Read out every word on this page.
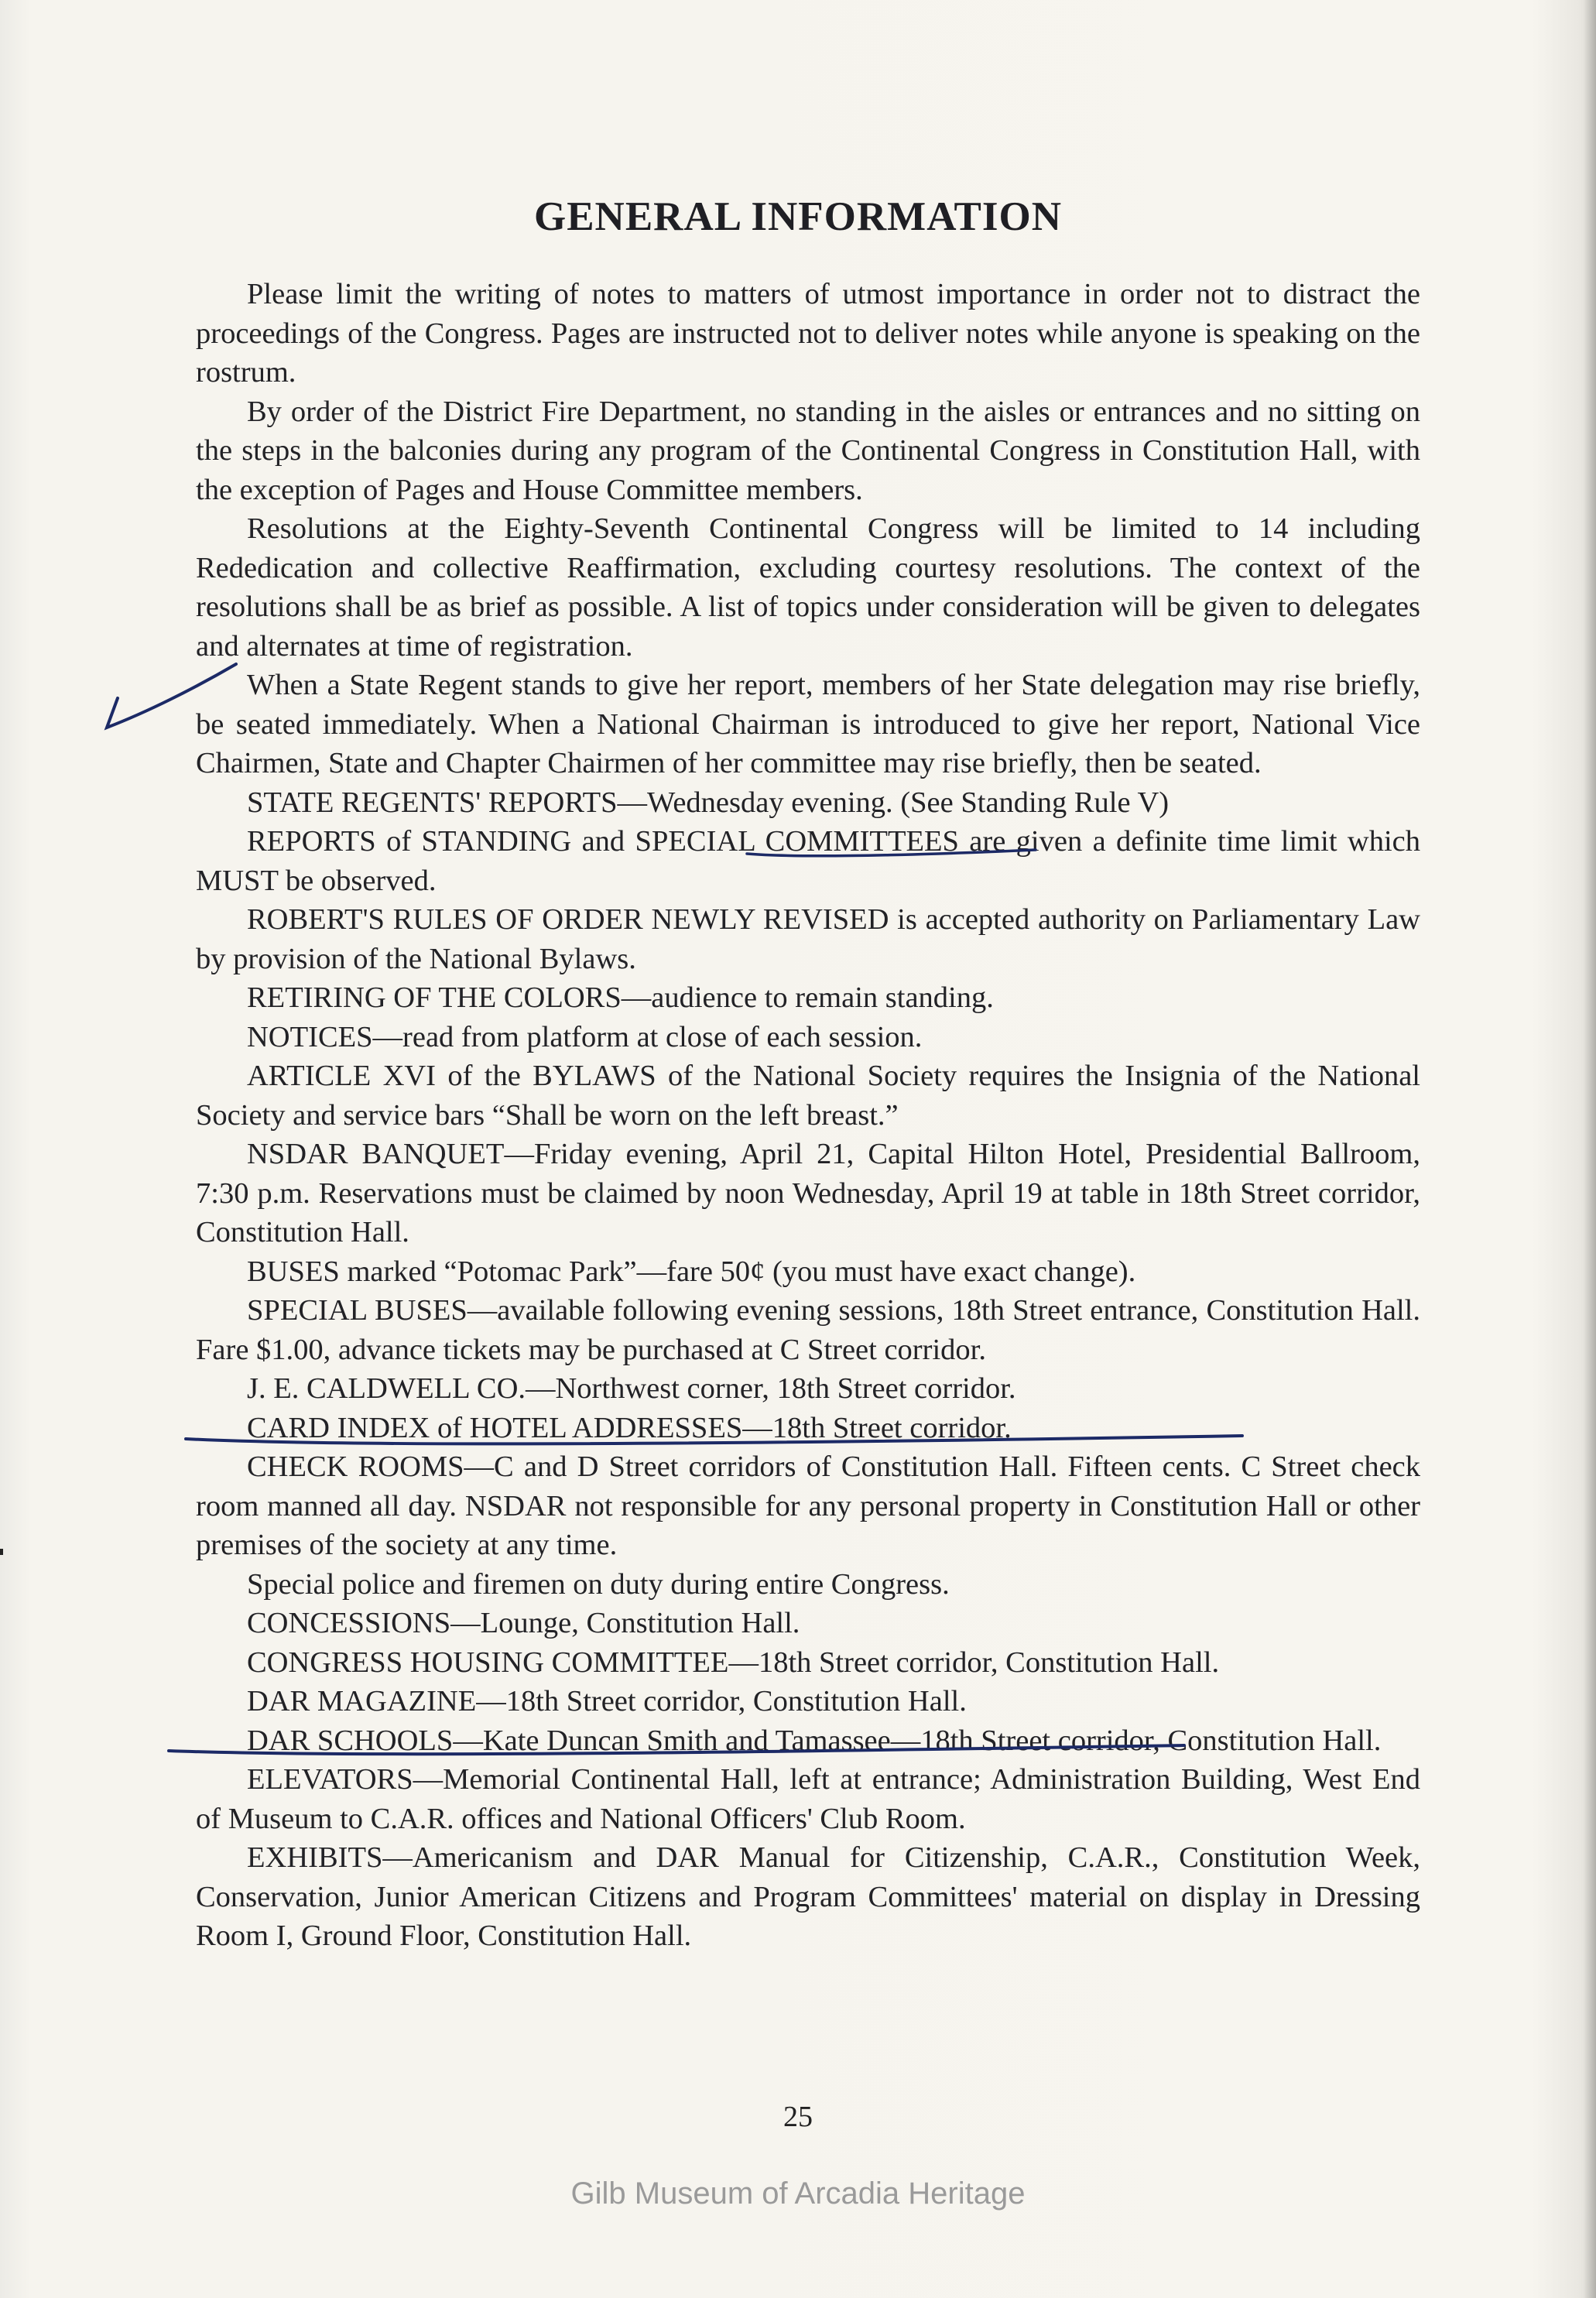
GENERAL INFORMATION

Please limit the writing of notes to matters of utmost importance in order not to distract the proceedings of the Congress. Pages are instructed not to deliver notes while anyone is speaking on the rostrum.

By order of the District Fire Department, no standing in the aisles or entrances and no sitting on the steps in the balconies during any program of the Continental Congress in Constitution Hall, with the exception of Pages and House Committee members.

Resolutions at the Eighty-Seventh Continental Congress will be limited to 14 including Rededication and collective Reaffirmation, excluding courtesy resolutions. The context of the resolutions shall be as brief as possible. A list of topics under consideration will be given to delegates and alternates at time of registration.

When a State Regent stands to give her report, members of her State delegation may rise briefly, be seated immediately. When a National Chairman is introduced to give her report, National Vice Chairmen, State and Chapter Chairmen of her committee may rise briefly, then be seated.

STATE REGENTS' REPORTS—Wednesday evening. (See Standing Rule V)

REPORTS of STANDING and SPECIAL COMMITTEES are given a definite time limit which MUST be observed.

ROBERT'S RULES OF ORDER NEWLY REVISED is accepted authority on Parliamentary Law by provision of the National Bylaws.

RETIRING OF THE COLORS—audience to remain standing.

NOTICES—read from platform at close of each session.

ARTICLE XVI of the BYLAWS of the National Society requires the Insignia of the National Society and service bars “Shall be worn on the left breast.”

NSDAR BANQUET—Friday evening, April 21, Capital Hilton Hotel, Presidential Ballroom, 7:30 p.m. Reservations must be claimed by noon Wednesday, April 19 at table in 18th Street corridor, Constitution Hall.

BUSES marked “Potomac Park”—fare 50¢ (you must have exact change).

SPECIAL BUSES—available following evening sessions, 18th Street entrance, Constitution Hall. Fare $1.00, advance tickets may be purchased at C Street corridor.

J. E. CALDWELL CO.—Northwest corner, 18th Street corridor.

CARD INDEX of HOTEL ADDRESSES—18th Street corridor.

CHECK ROOMS—C and D Street corridors of Constitution Hall. Fifteen cents. C Street check room manned all day. NSDAR not responsible for any personal property in Constitution Hall or other premises of the society at any time.

Special police and firemen on duty during entire Congress.

CONCESSIONS—Lounge, Constitution Hall.

CONGRESS HOUSING COMMITTEE—18th Street corridor, Constitution Hall.

DAR MAGAZINE—18th Street corridor, Constitution Hall.

DAR SCHOOLS—Kate Duncan Smith and Tamassee—18th Street corridor, Constitution Hall.

ELEVATORS—Memorial Continental Hall, left at entrance; Administration Building, West End of Museum to C.A.R. offices and National Officers' Club Room.

EXHIBITS—Americanism and DAR Manual for Citizenship, C.A.R., Constitution Week, Conservation, Junior American Citizens and Program Committees' material on display in Dressing Room I, Ground Floor, Constitution Hall.

25
Gilb Museum of Arcadia Heritage
